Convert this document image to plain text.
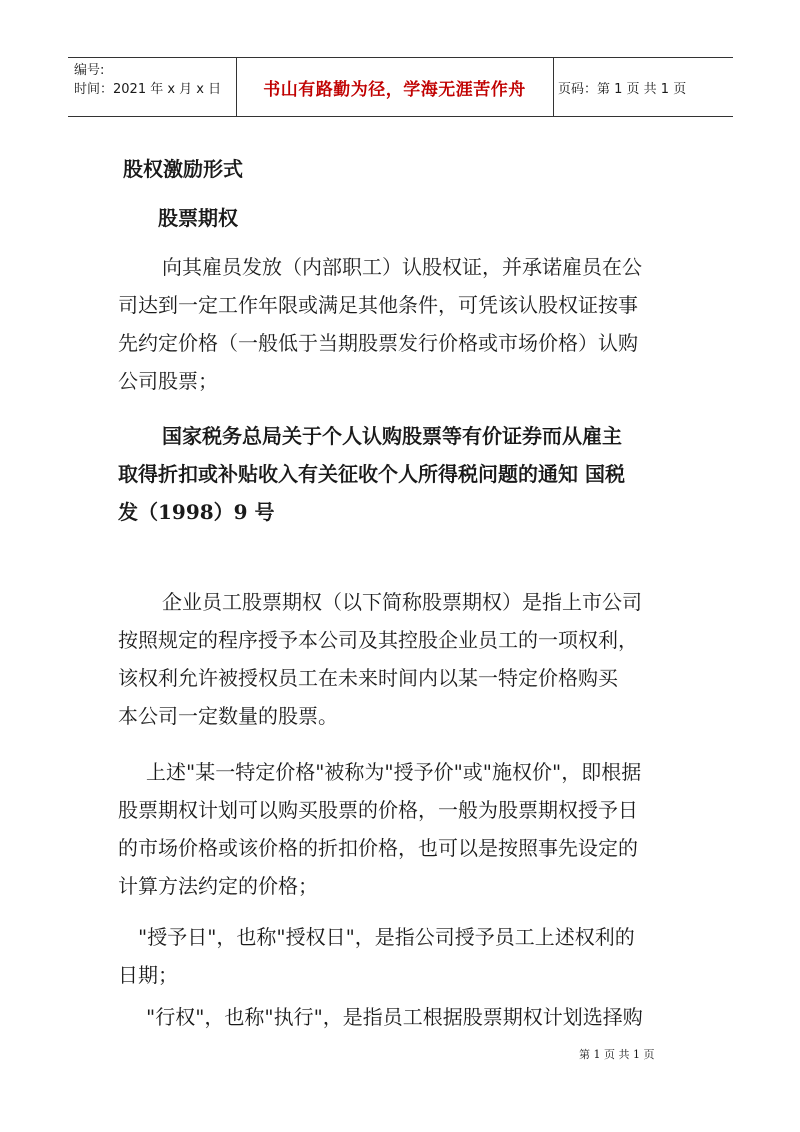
编号:
时间：2021 年 x 月 x 日	书山有路勤为径，学海无涯苦作舟	页码：第 1 页 共 1 页
股权激励形式
股票期权
向其雇员发放（内部职工）认股权证，并承诺雇员在公
司达到一定工作年限或满足其他条件，可凭该认股权证按事
先约定价格（一般低于当期股票发行价格或市场价格）认购
公司股票；
国家税务总局关于个人认购股票等有价证券而从雇主
取得折扣或补贴收入有关征收个人所得税问题的通知 国税
发（1998）9 号
企业员工股票期权（以下简称股票期权）是指上市公司
按照规定的程序授予本公司及其控股企业员工的一项权利，
该权利允许被授权员工在未来时间内以某一特定价格购买
本公司一定数量的股票。
上述"某一特定价格"被称为"授予价"或"施权价"，即根据
股票期权计划可以购买股票的价格，一般为股票期权授予日
的市场价格或该价格的折扣价格，也可以是按照事先设定的
计算方法约定的价格；
"授予日"，也称"授权日"，是指公司授予员工上述权利的
日期；
"行权"，也称"执行"，是指员工根据股票期权计划选择购
第 1 页 共 1 页
